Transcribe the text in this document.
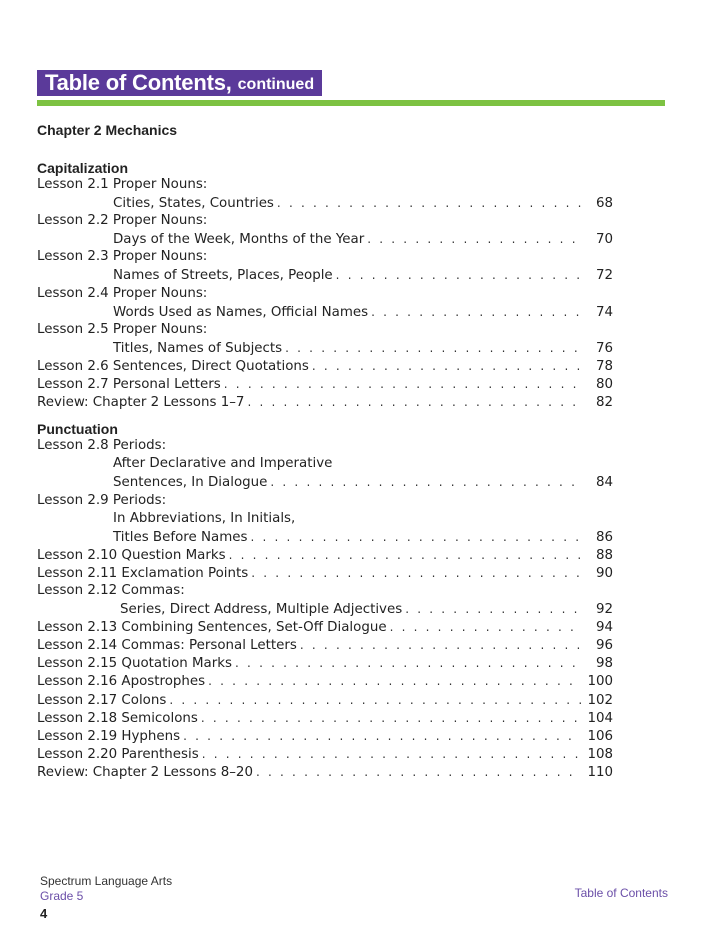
Table of Contents, continued
Chapter 2 Mechanics
Capitalization
Lesson 2.1 Proper Nouns:
Cities, States, Countries . . .	68
Lesson 2.2 Proper Nouns:
Days of the Week, Months of the Year . . .	70
Lesson 2.3 Proper Nouns:
Names of Streets, Places, People . . .	72
Lesson 2.4 Proper Nouns:
Words Used as Names, Official Names . . .	74
Lesson 2.5 Proper Nouns:
Titles, Names of Subjects . . .	76
Lesson 2.6 Sentences, Direct Quotations . . .	78
Lesson 2.7 Personal Letters . . .	80
Review: Chapter 2 Lessons 1–7 . . .	82
Punctuation
Lesson 2.8 Periods:
After Declarative and Imperative
Sentences, In Dialogue . . .	84
Lesson 2.9 Periods:
In Abbreviations, In Initials,
Titles Before Names . . .	86
Lesson 2.10 Question Marks . . .	88
Lesson 2.11 Exclamation Points . . .	90
Lesson 2.12 Commas:
Series, Direct Address, Multiple Adjectives . . .	92
Lesson 2.13 Combining Sentences, Set-Off Dialogue . . .	94
Lesson 2.14 Commas: Personal Letters . . .	96
Lesson 2.15 Quotation Marks . . .	98
Lesson 2.16 Apostrophes . . .	100
Lesson 2.17 Colons . . .	102
Lesson 2.18 Semicolons . . .	104
Lesson 2.19 Hyphens . . .	106
Lesson 2.20 Parenthesis . . .	108
Review: Chapter 2 Lessons 8–20 . . .	110
Spectrum Language Arts
Grade 5	Table of Contents
4
